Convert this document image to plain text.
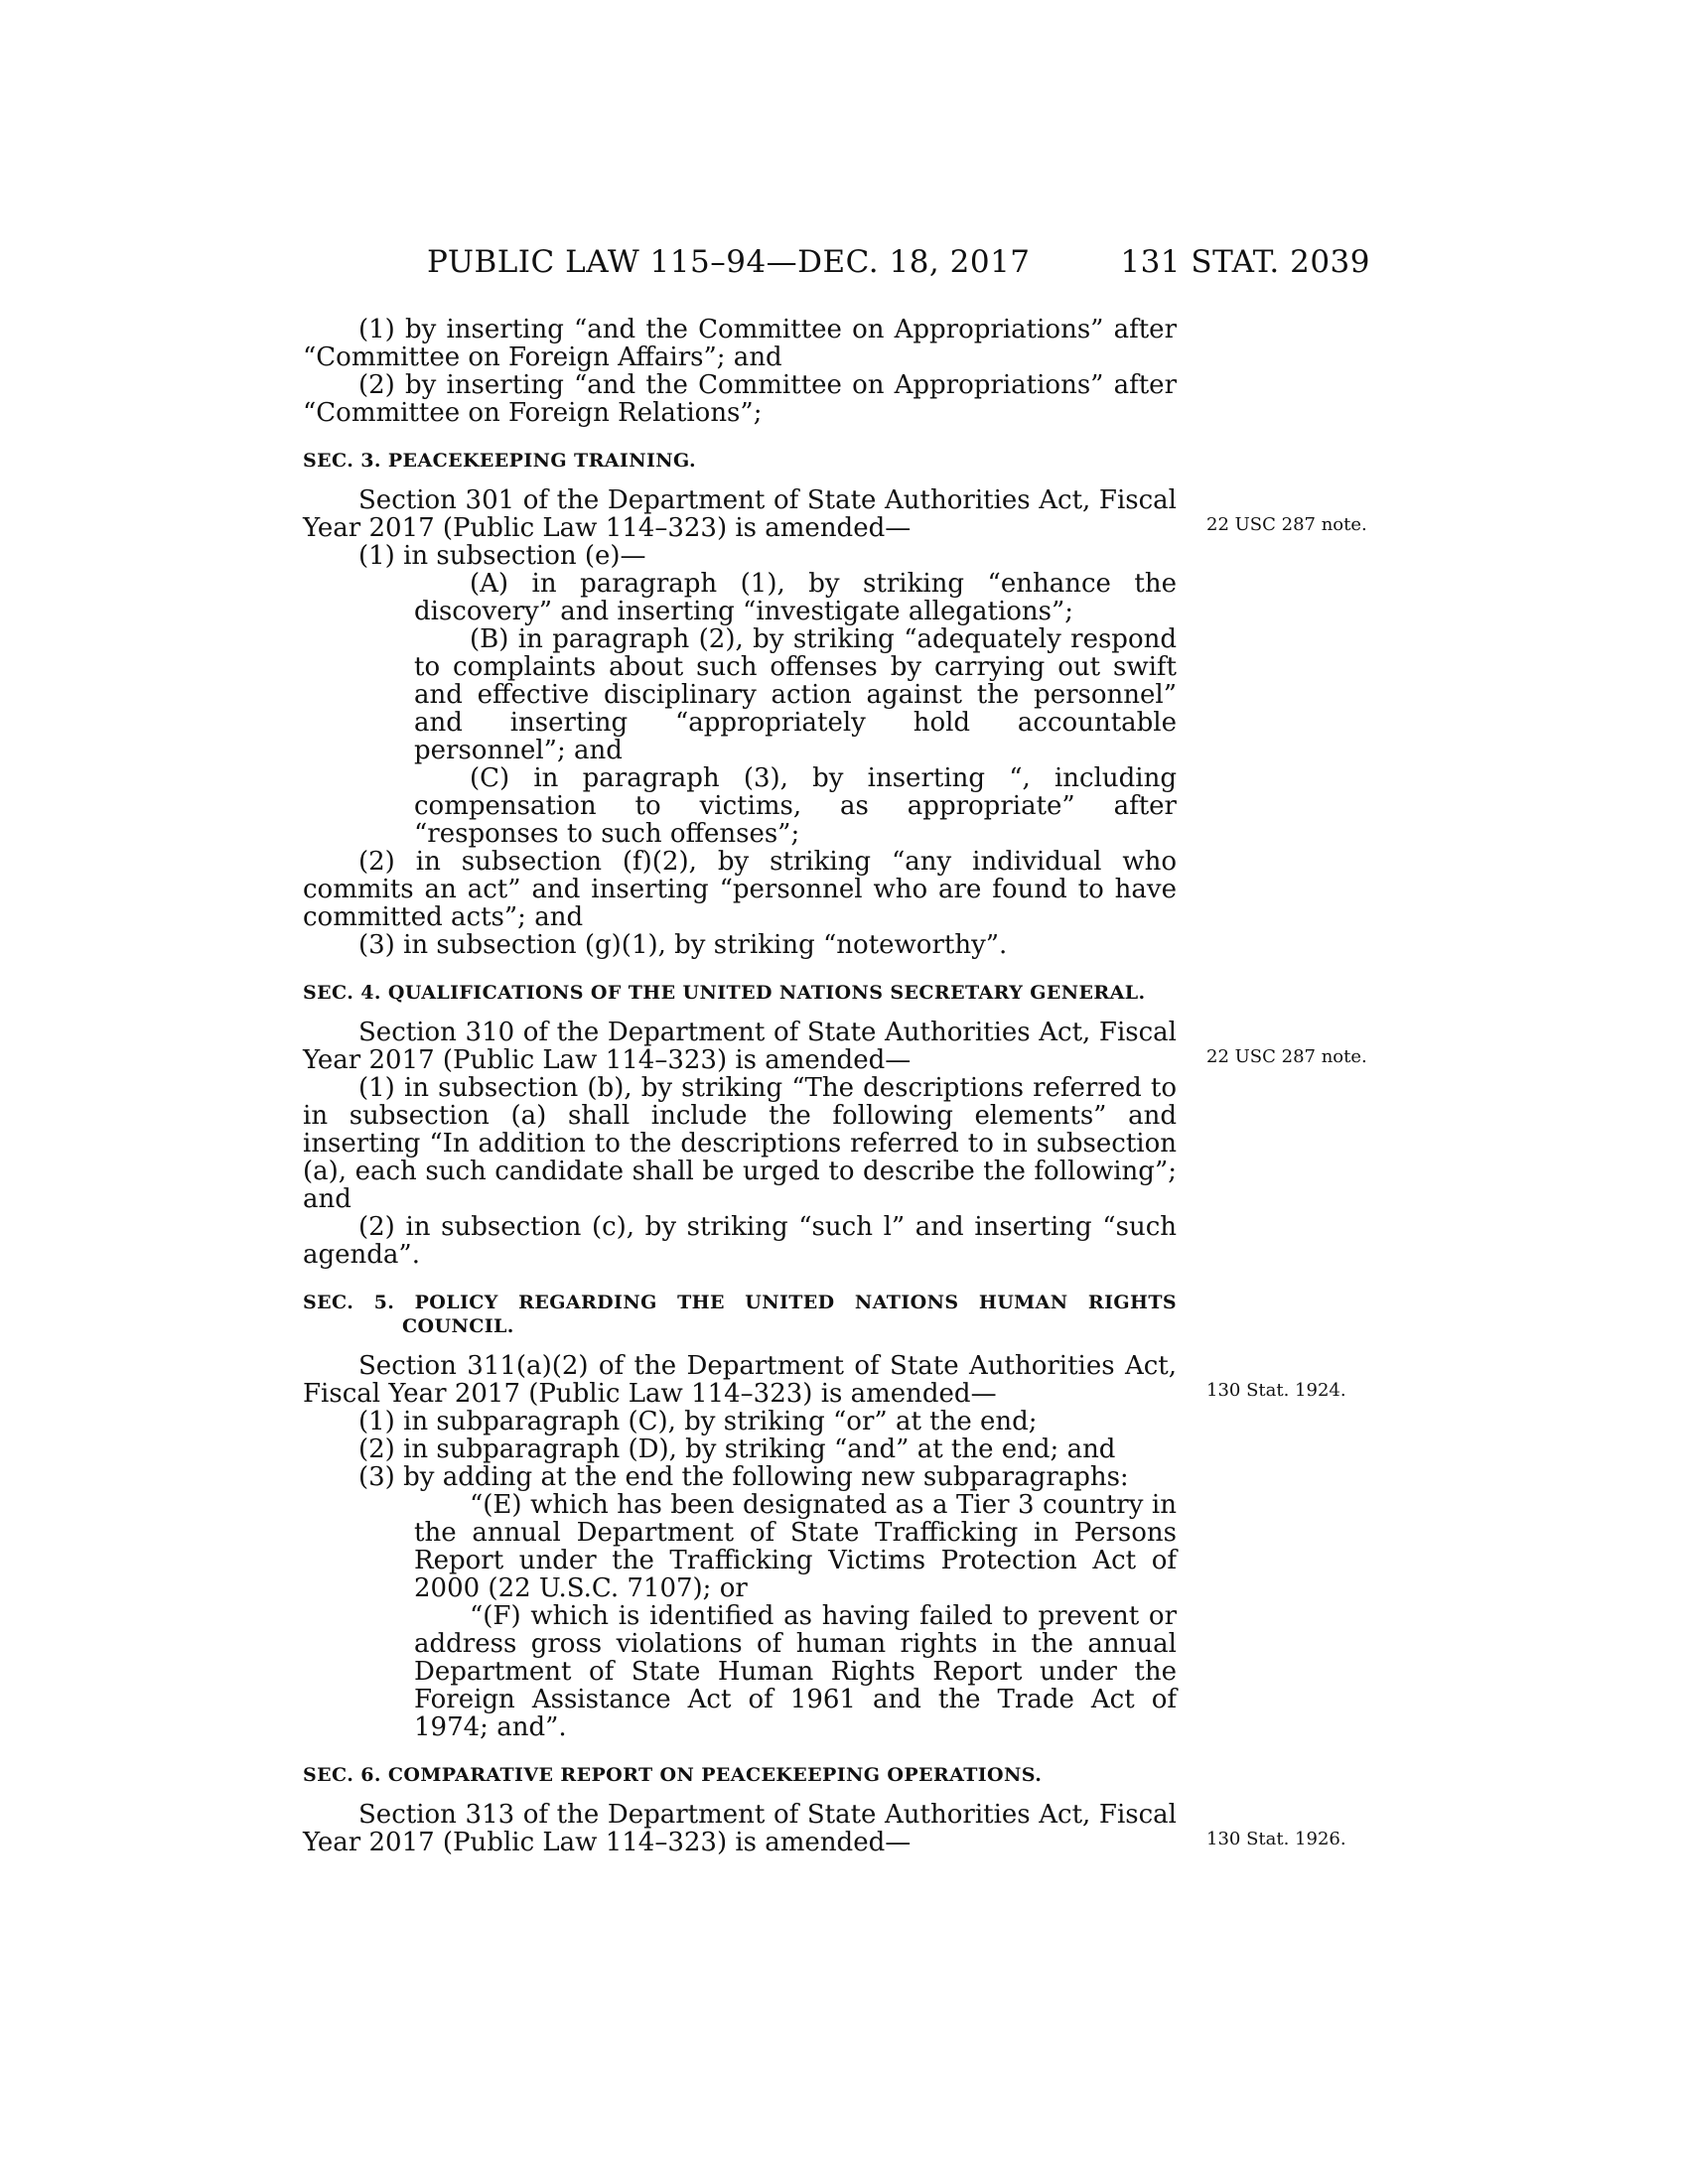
PUBLIC LAW 115–94—DEC. 18, 2017	131 STAT. 2039

(1) by inserting “and the Committee on Appropriations” after “Committee on Foreign Affairs”; and

(2) by inserting “and the Committee on Appropriations” after “Committee on Foreign Relations”;

SEC. 3. PEACEKEEPING TRAINING.

Section 301 of the Department of State Authorities Act, Fiscal Year 2017 (Public Law 114–323) is amended—	22 USC 287 note.

(1) in subsection (e)—

(A) in paragraph (1), by striking “enhance the discovery” and inserting “investigate allegations”;

(B) in paragraph (2), by striking “adequately respond to complaints about such offenses by carrying out swift and effective disciplinary action against the personnel” and inserting “appropriately hold accountable personnel”; and

(C) in paragraph (3), by inserting “, including compensation to victims, as appropriate” after “responses to such offenses”;

(2) in subsection (f)(2), by striking “any individual who commits an act” and inserting “personnel who are found to have committed acts”; and

(3) in subsection (g)(1), by striking “noteworthy”.

SEC. 4. QUALIFICATIONS OF THE UNITED NATIONS SECRETARY GENERAL.

Section 310 of the Department of State Authorities Act, Fiscal Year 2017 (Public Law 114–323) is amended—	22 USC 287 note.

(1) in subsection (b), by striking “The descriptions referred to in subsection (a) shall include the following elements” and inserting “In addition to the descriptions referred to in subsection (a), each such candidate shall be urged to describe the following”; and

(2) in subsection (c), by striking “such l” and inserting “such agenda”.

SEC. 5. POLICY REGARDING THE UNITED NATIONS HUMAN RIGHTS COUNCIL.

Section 311(a)(2) of the Department of State Authorities Act, Fiscal Year 2017 (Public Law 114–323) is amended—	130 Stat. 1924.

(1) in subparagraph (C), by striking “or” at the end;

(2) in subparagraph (D), by striking “and” at the end; and

(3) by adding at the end the following new subparagraphs:

“(E) which has been designated as a Tier 3 country in the annual Department of State Trafficking in Persons Report under the Trafficking Victims Protection Act of 2000 (22 U.S.C. 7107); or

“(F) which is identified as having failed to prevent or address gross violations of human rights in the annual Department of State Human Rights Report under the Foreign Assistance Act of 1961 and the Trade Act of 1974; and”.

SEC. 6. COMPARATIVE REPORT ON PEACEKEEPING OPERATIONS.

Section 313 of the Department of State Authorities Act, Fiscal Year 2017 (Public Law 114–323) is amended—	130 Stat. 1926.
